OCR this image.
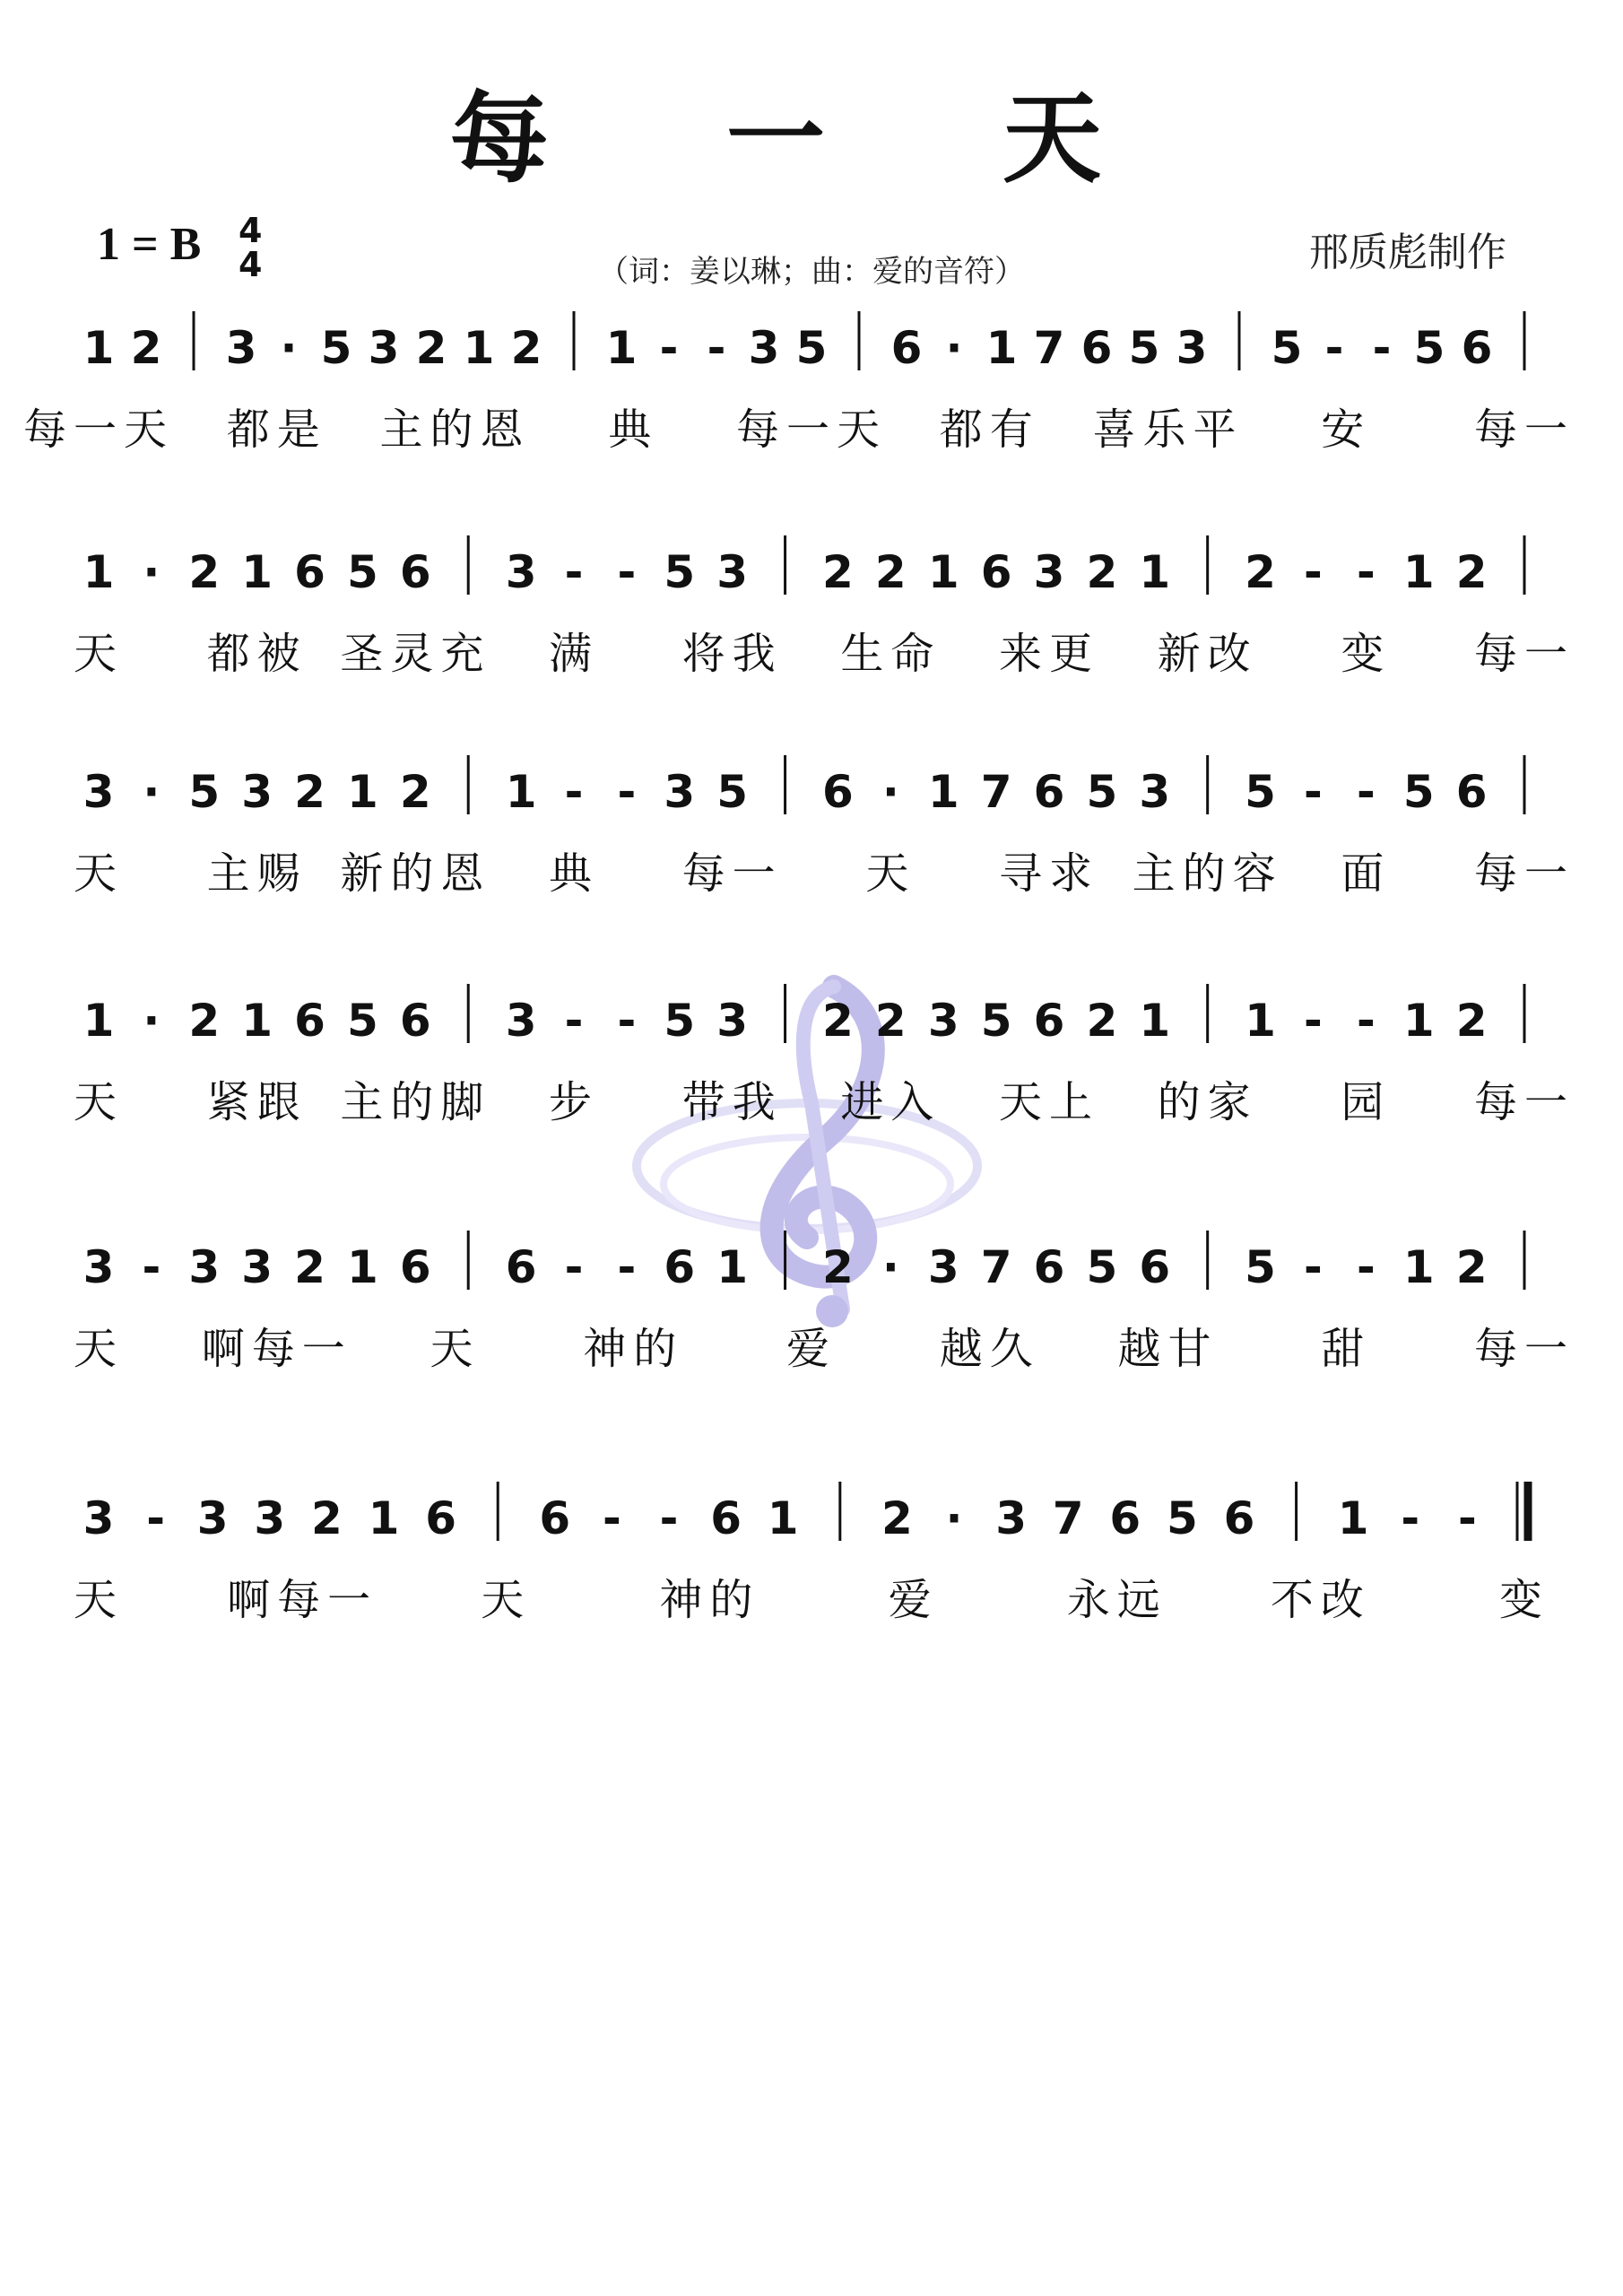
每 一 天
1 = B 4
4	（词：姜以琳；曲：爱的音符）	邢质彪制作
1 2 3 · 5 3 2 1 2 1 - - 3 5 6 · 1 7 6 5 3 5 - - 5 6
每一天 都是 主的恩 典 每一天 都有 喜乐平 安 每一
1 · 2 1 6 5 6 3 - - 5 3 2 2 1 6 3 2 1 2 - - 1 2
天 都被 圣灵充 满 将我 生命 来更 新改 变 每一
3 · 5 3 2 1 2 1 - - 3 5 6 · 1 7 6 5 3 5 - - 5 6
天 主赐 新的恩 典 每一 天 寻求 主的容 面 每一
1 · 2 1 6 5 6 3 - - 5 3 2 2 3 5 6 2 1 1 - - 1 2
天 紧跟 主的脚 步 带我 进入 天上 的家 园 每一
3 - 3 3 2 1 6 6 - - 6 1 2 · 3 7 6 5 6 5 - - 1 2
天 啊每一 天 神的 爱 越久 越甘 甜 每一
3 - 3 3 2 1 6 6 - - 6 1 2 · 3 7 6 5 6 1 - -
天 啊每一 天	神的	爱	永远 不改	变
